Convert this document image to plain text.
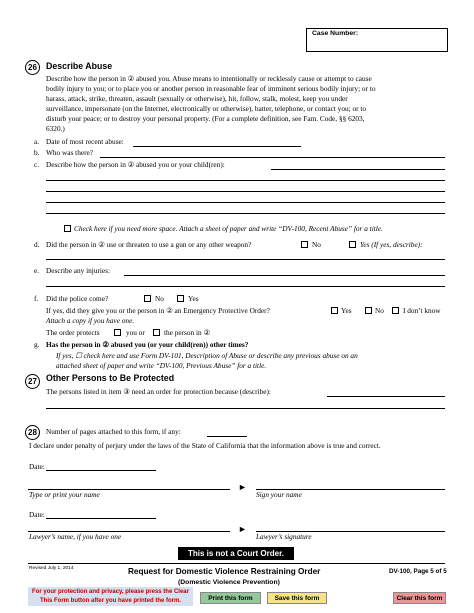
Case Number:
26	Describe Abuse
Describe how the person in ② abused you. Abuse means to intentionally or recklessly cause or attempt to cause
bodily injury to you; or to place you or another person in reasonable fear of imminent serious bodily injury; or to
harass, attack, strike, threaten, assault (sexually or otherwise), hit, follow, stalk, molest, keep you under
surveillance, impersonate (on the Internet, electronically or otherwise), batter, telephone, or contact you; or to
disturb your peace; or to destroy your personal property. (For a complete definition, see Fam. Code, §§ 6203,
6320.)
a. Date of most recent abuse:
b. Who was there?
c. Describe how the person in ② abused you or your child(ren):
Check here if you need more space. Attach a sheet of paper and write “DV-100, Recent Abuse” for a title.
d. Did the person in ② use or threaten to use a gun or any other weapon?	No	Yes (If yes, describe):
e. Describe any injuries:
f. Did the police come?	No	Yes
If yes, did they give you or the person in ② an Emergency Protective Order?	Yes	No	I don’t know
Attach a copy if you have one.
The order protects	you or	the person in ②
g. Has the person in ② abused you (or your child(ren)) other times?
If yes, ☐ check here and use Form DV-101, Description of Abuse or describe any previous abuse on an
attached sheet of paper and write “DV-100, Previous Abuse” for a title.
27	Other Persons to Be Protected
The persons listed in item ③ need an order for protection because (describe):
28	Number of pages attached to this form, if any:
I declare under penalty of perjury under the laws of the State of California that the information above is true and correct.
Date:
Type or print your name
►
Sign your name
Date:
Lawyer’s name, if you have one
►
Lawyer’s signature
This is not a Court Order.
Revised July 1, 2014	Request for Domestic Violence Restraining Order
(Domestic Violence Prevention)
DV-100, Page 5 of 5
For your protection and privacy, please press the Clear
This Form button after you have printed the form.	Print this form	Save this form	Clear this form
